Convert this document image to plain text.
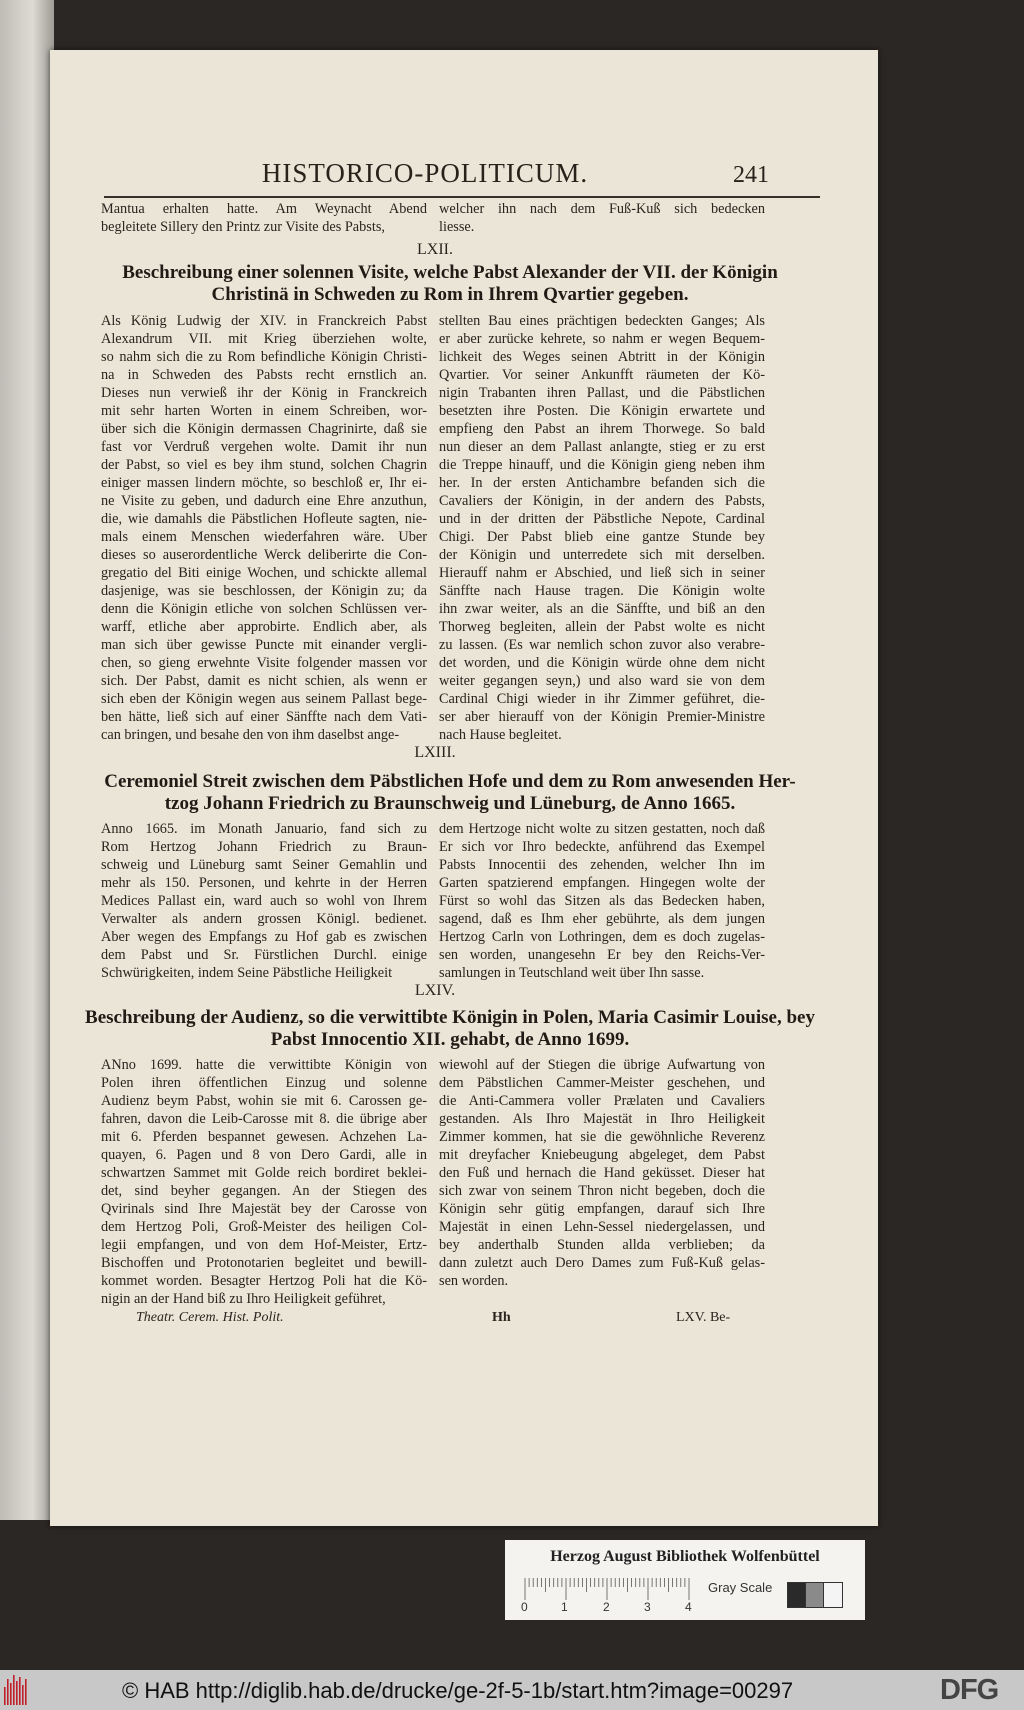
HISTORICO-POLITICUM.	241
Mantua erhalten hatte. Am Weynacht Abend
begleitete Sillery den Printz zur Visite des Pabsts,
welcher ihn nach dem Fuß-Kuß sich bedecken
liesse.
LXII.
Beschreibung einer solennen Visite, welche Pabst Alexander der VII. der Königin
Christinä in Schweden zu Rom in Ihrem Qvartier gegeben.
Als König Ludwig der XIV. in Franckreich Pabst
Alexandrum VII. mit Krieg überziehen wolte,
so nahm sich die zu Rom befindliche Königin Christi-
na in Schweden des Pabsts recht ernstlich an.
Dieses nun verwieß ihr der König in Franckreich
mit sehr harten Worten in einem Schreiben, wor-
über sich die Königin dermassen Chagrinirte, daß sie
fast vor Verdruß vergehen wolte. Damit ihr nun
der Pabst, so viel es bey ihm stund, solchen Chagrin
einiger massen lindern möchte, so beschloß er, Ihr ei-
ne Visite zu geben, und dadurch eine Ehre anzuthun,
die, wie damahls die Päbstlichen Hofleute sagten, nie-
mals einem Menschen wiederfahren wäre. Uber
dieses so auserordentliche Werck deliberirte die Con-
gregatio del Biti einige Wochen, und schickte allemal
dasjenige, was sie beschlossen, der Königin zu; da
denn die Königin etliche von solchen Schlüssen ver-
warff, etliche aber approbirte. Endlich aber, als
man sich über gewisse Puncte mit einander vergli-
chen, so gieng erwehnte Visite folgender massen vor
sich. Der Pabst, damit es nicht schien, als wenn er
sich eben der Königin wegen aus seinem Pallast bege-
ben hätte, ließ sich auf einer Sänffte nach dem Vati-
can bringen, und besahe den von ihm daselbst ange-
stellten Bau eines prächtigen bedeckten Ganges; Als
er aber zurücke kehrete, so nahm er wegen Bequem-
lichkeit des Weges seinen Abtritt in der Königin
Qvartier. Vor seiner Ankunfft räumeten der Kö-
nigin Trabanten ihren Pallast, und die Päbstlichen
besetzten ihre Posten. Die Königin erwartete und
empfieng den Pabst an ihrem Thorwege. So bald
nun dieser an dem Pallast anlangte, stieg er zu erst
die Treppe hinauff, und die Königin gieng neben ihm
her. In der ersten Antichambre befanden sich die
Cavaliers der Königin, in der andern des Pabsts,
und in der dritten der Päbstliche Nepote, Cardinal
Chigi. Der Pabst blieb eine gantze Stunde bey
der Königin und unterredete sich mit derselben.
Hierauff nahm er Abschied, und ließ sich in seiner
Sänffte nach Hause tragen. Die Königin wolte
ihn zwar weiter, als an die Sänffte, und biß an den
Thorweg begleiten, allein der Pabst wolte es nicht
zu lassen. (Es war nemlich schon zuvor also verabre-
det worden, und die Königin würde ohne dem nicht
weiter gegangen seyn,) und also ward sie von dem
Cardinal Chigi wieder in ihr Zimmer geführet, die-
ser aber hierauff von der Königin Premier-Ministre
nach Hause begleitet.
LXIII.
Ceremoniel Streit zwischen dem Päbstlichen Hofe und dem zu Rom anwesenden Her-
tzog Johann Friedrich zu Braunschweig und Lüneburg, de Anno 1665.
Anno 1665. im Monath Januario, fand sich zu
Rom Hertzog Johann Friedrich zu Braun-
schweig und Lüneburg samt Seiner Gemahlin und
mehr als 150. Personen, und kehrte in der Herren
Medices Pallast ein, ward auch so wohl von Ihrem
Verwalter als andern grossen Königl. bedienet.
Aber wegen des Empfangs zu Hof gab es zwischen
dem Pabst und Sr. Fürstlichen Durchl. einige
Schwürigkeiten, indem Seine Päbstliche Heiligkeit
dem Hertzoge nicht wolte zu sitzen gestatten, noch daß
Er sich vor Ihro bedeckte, anführend das Exempel
Pabsts Innocentii des zehenden, welcher Ihn im
Garten spatzierend empfangen. Hingegen wolte der
Fürst so wohl das Sitzen als das Bedecken haben,
sagend, daß es Ihm eher gebührte, als dem jungen
Hertzog Carln von Lothringen, dem es doch zugelas-
sen worden, unangesehn Er bey den Reichs-Ver-
samlungen in Teutschland weit über Ihn sasse.
LXIV.
Beschreibung der Audienz, so die verwittibte Königin in Polen, Maria Casimir Louise, bey
Pabst Innocentio XII. gehabt, de Anno 1699.
ANno 1699. hatte die verwittibte Königin von
Polen ihren öffentlichen Einzug und solenne
Audienz beym Pabst, wohin sie mit 6. Carossen ge-
fahren, davon die Leib-Carosse mit 8. die übrige aber
mit 6. Pferden bespannet gewesen. Achzehen La-
quayen, 6. Pagen und 8 von Dero Gardi, alle in
schwartzen Sammet mit Golde reich bordiret beklei-
det, sind beyher gegangen. An der Stiegen des
Qvirinals sind Ihre Majestät bey der Carosse von
dem Hertzog Poli, Groß-Meister des heiligen Col-
legii empfangen, und von dem Hof-Meister, Ertz-
Bischoffen und Protonotarien begleitet und bewill-
kommet worden. Besagter Hertzog Poli hat die Kö-
nigin an der Hand biß zu Ihro Heiligkeit geführet,
wiewohl auf der Stiegen die übrige Aufwartung von
dem Päbstlichen Cammer-Meister geschehen, und
die Anti-Cammera voller Prælaten und Cavaliers
gestanden. Als Ihro Majestät in Ihro Heiligkeit
Zimmer kommen, hat sie die gewöhnliche Reverenz
mit dreyfacher Kniebeugung abgeleget, dem Pabst
den Fuß und hernach die Hand geküsset. Dieser hat
sich zwar von seinem Thron nicht begeben, doch die
Königin sehr gütig empfangen, darauf sich Ihre
Majestät in einen Lehn-Sessel niedergelassen, und
bey anderthalb Stunden allda verblieben; da
dann zuletzt auch Dero Dames zum Fuß-Kuß gelas-
sen worden.
Theatr. Cerem. Hist. Polit.	Hh	LXV. Be-
Herzog August Bibliothek Wolfenbüttel
0	1	2	3	4
Gray Scale
© HAB http://diglib.hab.de/drucke/ge-2f-5-1b/start.htm?image=00297	DFG
